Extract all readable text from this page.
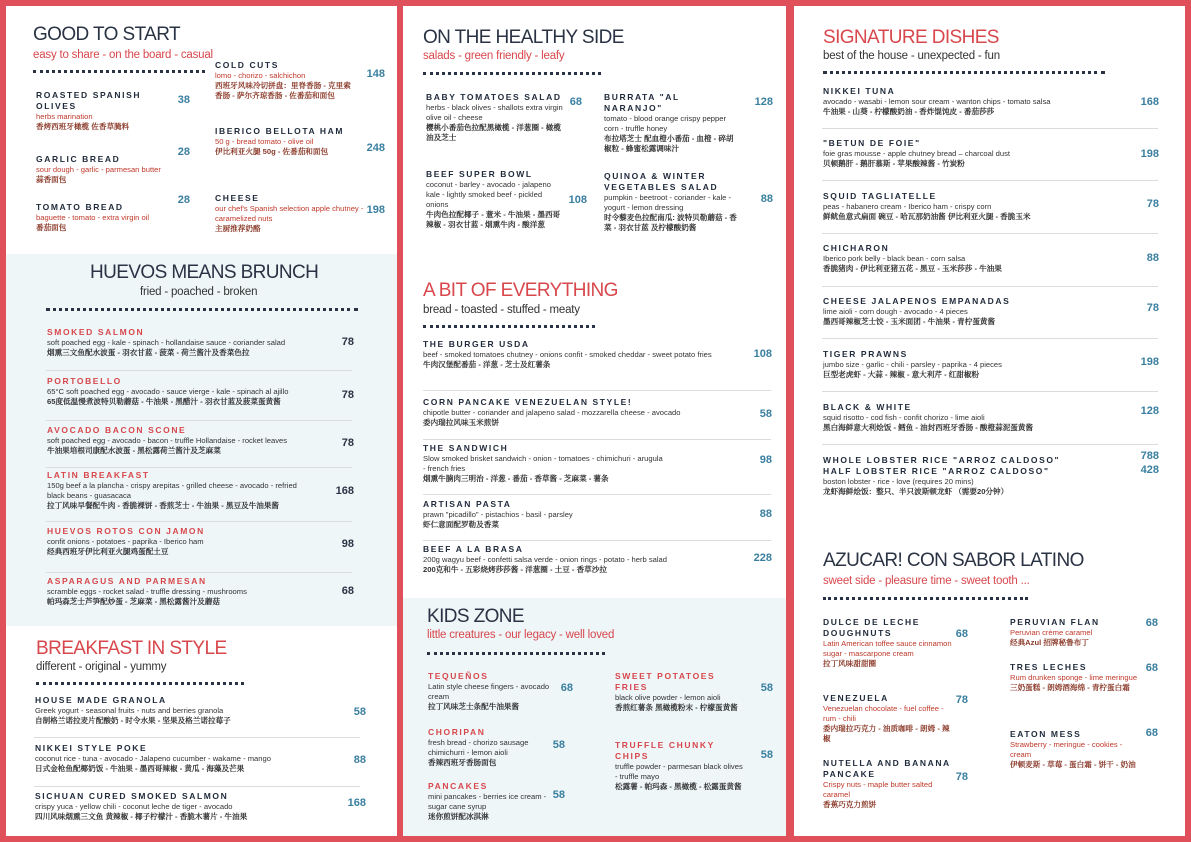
GOOD TO START
easy to share - on the board - casual
ROASTED SPANISH OLIVES
herbs marination
香烤西班牙橄榄 佐香草腌料
38
GARLIC BREAD
sour dough - garlic - parmesan butter
蒜香面包
28
TOMATO BREAD
baguette - tomato - extra virgin oil
番茄面包
28
COLD CUTS
lomo - chorizo - salchichon
西班牙风味冷切拼盘：里脊香肠 - 克里索香肠 - 萨尔齐琼香肠 - 佐番茄和面包
148
IBERICO BELLOTA HAM
50 g - bread tomato - olive oil
伊比利亚火腿 50g - 佐番茄和面包	248
CHEESE
our chef's Spanish selection apple chutney - caramelized nuts
主厨推荐奶酪
198
HUEVOS MEANS BRUNCH
fried - poached - broken
SMOKED SALMON
soft poached egg - kale - spinach - hollandaise sauce - coriander salad
烟熏三文鱼配水波蛋 - 羽衣甘蓝 - 菠菜 - 荷兰酱汁及香菜色拉
78
PORTOBELLO
65°C soft poached egg - avocado - sauce vierge - kale - spinach al ajillo
65度低温慢煮波特贝勒蘑菇 - 牛油果 - 黑醋汁 - 羽衣甘蓝及菠菜蛋黄酱
78
AVOCADO BACON SCONE
soft poached egg - avocado - bacon - truffle Hollandaise - rocket leaves
牛油果培根司康配水波蛋 - 黑松露荷兰酱汁及芝麻菜
78
LATIN BREAKFAST
150g beef a la plancha - crispy arepitas - grilled cheese - avocado - refried black beans - guasacaca
拉丁风味早餐配牛肉 - 香脆裸饼 - 香煎芝士 - 牛油果 - 黑豆及牛油果酱
168
HUEVOS ROTOS CON JAMON
confit onions - potatoes - paprika - Iberico ham
经典西班牙伊比利亚火腿鸡蛋配土豆
98
ASPARAGUS AND PARMESAN
scramble eggs - rocket salad - truffle dressing - mushrooms
帕玛森芝士芦笋配炒蛋 - 芝麻菜 - 黑松露酱汁及蘑菇
68
BREAKFAST IN STYLE
different - original - yummy
HOUSE MADE GRANOLA
Greek yogurt - seasonal fruits - nuts and berries granola
自制格兰诺拉麦片配酸奶 - 时令水果 - 坚果及格兰诺拉莓子
58
NIKKEI STYLE POKE
coconut rice - tuna - avocado - Jalapeno cucumber - wakame - mango
日式金枪鱼配椰奶饭 - 牛油果 - 墨西哥辣椒 - 黄瓜 - 海藻及芒果
88
SICHUAN CURED SMOKED SALMON
crispy yuca - yellow chili - coconut leche de tiger - avocado
四川风味烟熏三文鱼 黄辣椒 - 椰子柠檬汁 - 香脆木薯片 - 牛油果
168
ON THE HEALTHY SIDE
salads - green friendly - leafy
BABY TOMATOES SALAD
herbs - black olives - shallots extra virgin olive oil - cheese
樱桃小番茄色拉配黑橄榄 - 洋葱圈 - 橄榄油及芝士
68
BEEF SUPER BOWL
coconut - barley - avocado - jalapeno kale - lightly smoked beef - pickled onions
牛肉色拉配椰子 - 薏米 - 牛油果 - 墨西哥辣椒 - 羽衣甘蓝 - 烟熏牛肉 - 酸洋葱
108
BURRATA "AL NARANJO"
tomato - blood orange crispy pepper corn - truffle honey
布拉塔芝士 配血橙小番茄 - 血橙 - 碎胡椒粒 - 蜂蜜松露调味汁
128
QUINOA & WINTER VEGETABLES SALAD
pumpkin - beetroot - coriander - kale - yogurt - lemon dressing
时令藜麦色拉配南瓜: 波特贝勒蘑菇 - 香菜 - 羽衣甘蓝 及柠檬酸奶酱
88
A BIT OF EVERYTHING
bread - toasted - stuffed - meaty
THE BURGER USDA
beef - smoked tomatoes chutney - onions confit - smoked cheddar - sweet potato fries
牛肉汉堡配番茄 - 洋葱 - 芝士及红薯条
108
CORN PANCAKE VENEZUELAN STYLE!
chipotle butter - coriander and jalapeno salad - mozzarella cheese - avocado
委内瑞拉风味玉米煎饼
58
THE SANDWICH
Slow smoked brisket sandwich - onion - tomatoes - chimichuri - arugula - french fries
烟熏牛腩肉三明治 - 洋葱 - 番茄 - 香草酱 - 芝麻菜 - 薯条
98
ARTISAN PASTA
prawn "picadillo" - pistachios - basil - parsley
虾仁意面配罗勒及香菜
88
BEEF A LA BRASA
200g wagyu beef - confetti salsa verde - onion rings - potato - herb salad
200克和牛 - 五彩烧烤莎莎酱 - 洋葱圈 - 土豆 - 香草沙拉
228
KIDS ZONE
little creatures - our legacy - well loved
TEQUEÑOS
Latin style cheese fingers - avocado cream
拉丁风味芝士条配牛油果酱
68
CHORIPAN
fresh bread - chorizo sausage chimichurri - lemon aioli
香辣西班牙香肠面包
58
PANCAKES
mini pancakes - berries ice cream - sugar cane syrup
迷你煎饼配冰淇淋
58
SWEET POTATOES FRIES
black olive powder - lemon aioli
香煎红薯条 黑橄榄粉末 - 柠檬蛋黄酱
58
TRUFFLE CHUNKY CHIPS
truffle powder - parmesan black olives - truffle mayo
松露薯 - 帕玛森 - 黑橄榄 - 松露蛋黄酱
58
SIGNATURE DISHES
best of the house - unexpected - fun
NIKKEI TUNA
avocado - wasabi - lemon sour cream - wanton chips - tomato salsa
牛油果 - 山葵 - 柠檬酸奶油 - 香炸馄饨皮 - 番茄莎莎
168
"BETUN DE FOIE"
foie gras mousse - apple chutney bread – charcoal dust
贝顿鹅肝 - 鹅肝慕斯 - 苹果酸辣酱 - 竹炭粉
198
SQUID TAGLIATELLE
peas - habanero cream - Iberico ham - crispy corn
鲜鱿鱼意式扁面 碗豆 - 哈瓦那奶油酱 伊比利亚火腿 - 香脆玉米
78
CHICHARON
Iberico pork belly - black bean - corn salsa
香脆猪肉 - 伊比利亚猪五花 - 黑豆 - 玉米莎莎 - 牛油果
88
CHEESE JALAPENOS EMPANADAS
lime aioli - corn dough - avocado - 4 pieces
墨西哥辣椒芝士饺 - 玉米面团 - 牛油果 - 青柠蛋黄酱
78
TIGER PRAWNS
jumbo size - garlic - chili - parsley - paprika - 4 pieces
巨型老虎虾 - 大蒜 - 辣椒 - 意大利芹 - 红甜椒粉
198
BLACK & WHITE
squid risotto - cod fish - confit chorizo - lime aioli
黑白海鲜意大利烩饭 - 鳕鱼 - 油封西班牙香肠 - 酸橙蒜泥蛋黄酱
128
WHOLE LOBSTER RICE "ARROZ CALDOSO"
HALF LOBSTER RICE "ARROZ CALDOSO"
boston lobster - rice - love (requires 20 mins)
龙虾海鲜烩饭：整只、半只波斯顿龙虾 （需要20分钟）
788
428
AZUCAR! CON SABOR LATINO
sweet side - pleasure time - sweet tooth ...
DULCE DE LECHE DOUGHNUTS
Latin American toffee sauce cinnamon sugar - mascarpone cream
拉丁风味甜甜圈
68
VENEZUELA
Venezuelan chocolate - fuel coffee - rum - chili
委内瑞拉巧克力 - 油质咖啡 - 朗姆 - 辣椒
78
NUTELLA AND BANANA PANCAKE
Crispy nuts - maple butter salted caramel
香蕉巧克力煎饼
78
PERUVIAN FLAN
Peruvian crème caramel
经典Azul 招牌秘鲁布丁
68
TRES LECHES
Rum drunken sponge - lime meringue
三奶蛋糕 - 朗姆酒海绵 - 青柠蛋白霜
68
EATON MESS
Strawberry - meringue - cookies - cream
伊顿麦斯 - 草莓 - 蛋白霜 - 饼干 - 奶油
68
